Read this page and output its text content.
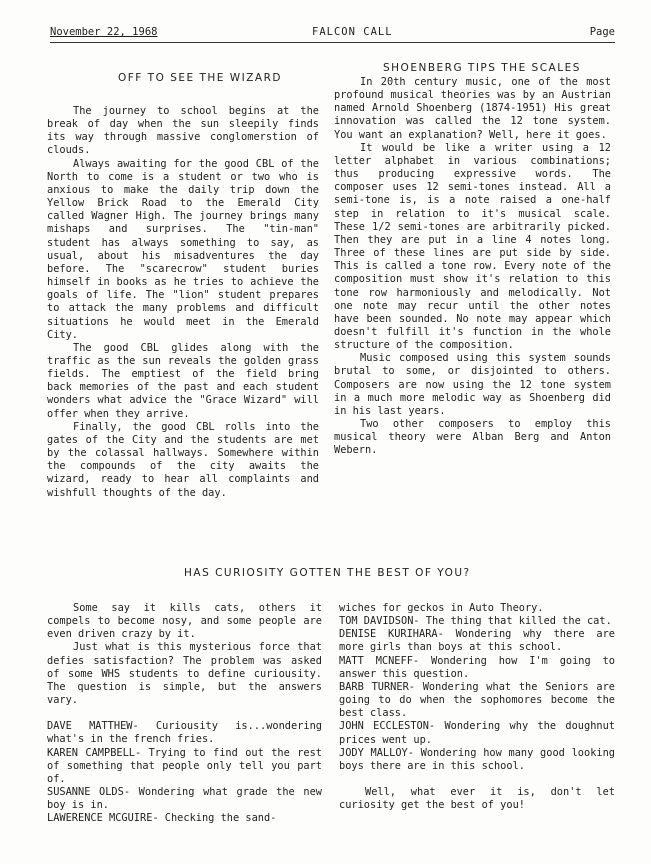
November 22, 1968	FALCON CALL	Page
OFF TO SEE THE WIZARD

The journey to school begins at the break of day when the sun sleepily finds its way through massive conglomerstion of clouds.

Always awaiting for the good CBL of the North to come is a student or two who is anxious to make the daily trip down the Yellow Brick Road to the Emerald City called Wagner High. The journey brings many mishaps and surprises. The "tin-man" student has always something to say, as usual, about his misadventures the day before. The "scarecrow" student buries himself in books as he tries to achieve the goals of life. The "lion" student prepares to attack the many problems and difficult situations he would meet in the Emerald City.

The good CBL glides along with the traffic as the sun reveals the golden grass fields. The emptiest of the field bring back memories of the past and each student wonders what advice the "Grace Wizard" will offer when they arrive.

Finally, the good CBL rolls into the gates of the City and the students are met by the colassal hallways. Somewhere within the compounds of the city awaits the wizard, ready to hear all complaints and wishfull thoughts of the day.

SHOENBERG TIPS THE SCALES

In 20th century music, one of the most profound musical theories was by an Austrian named Arnold Shoenberg (1874-1951) His great innovation was called the 12 tone system. You want an explanation? Well, here it goes.

It would be like a writer using a 12 letter alphabet in various combinations; thus producing expressive words. The composer uses 12 semi-tones instead. All a semi-tone is, is a note raised a one-half step in relation to it's musical scale. These 1/2 semi-tones are arbitrarily picked. Then they are put in a line 4 notes long. Three of these lines are put side by side. This is called a tone row. Every note of the composition must show it's relation to this tone row harmoniously and melodically. Not one note may recur until the other notes have been sounded. No note may appear which doesn't fulfill it's function in the whole structure of the composition.

Music composed using this system sounds brutal to some, or disjointed to others. Composers are now using the 12 tone system in a much more melodic way as Shoenberg did in his last years.

Two other composers to employ this musical theory were Alban Berg and Anton Webern.

HAS CURIOSITY GOTTEN THE BEST OF YOU?

Some say it kills cats, others it compels to become nosy, and some people are even driven crazy by it.

Just what is this mysterious force that defies satisfaction? The problem was asked of some WHS students to define curiousity. The question is simple, but the answers vary.

DAVE MATTHEW- Curiousity is...wondering what's in the french fries.

KAREN CAMPBELL- Trying to find out the rest of something that people only tell you part of.

SUSANNE OLDS- Wondering what grade the new boy is in.

LAWERENCE MCGUIRE- Checking the sand-

wiches for geckos in Auto Theory.

TOM DAVIDSON- The thing that killed the cat.

DENISE KURIHARA- Wondering why there are more girls than boys at this school.

MATT MCNEFF- Wondering how I'm going to answer this question.

BARB TURNER- Wondering what the Seniors are going to do when the sophomores become the best class.

JOHN ECCLESTON- Wondering why the doughnut prices went up.

JODY MALLOY- Wondering how many good looking boys there are in this school.

Well, what ever it is, don't let curiosity get the best of you!
